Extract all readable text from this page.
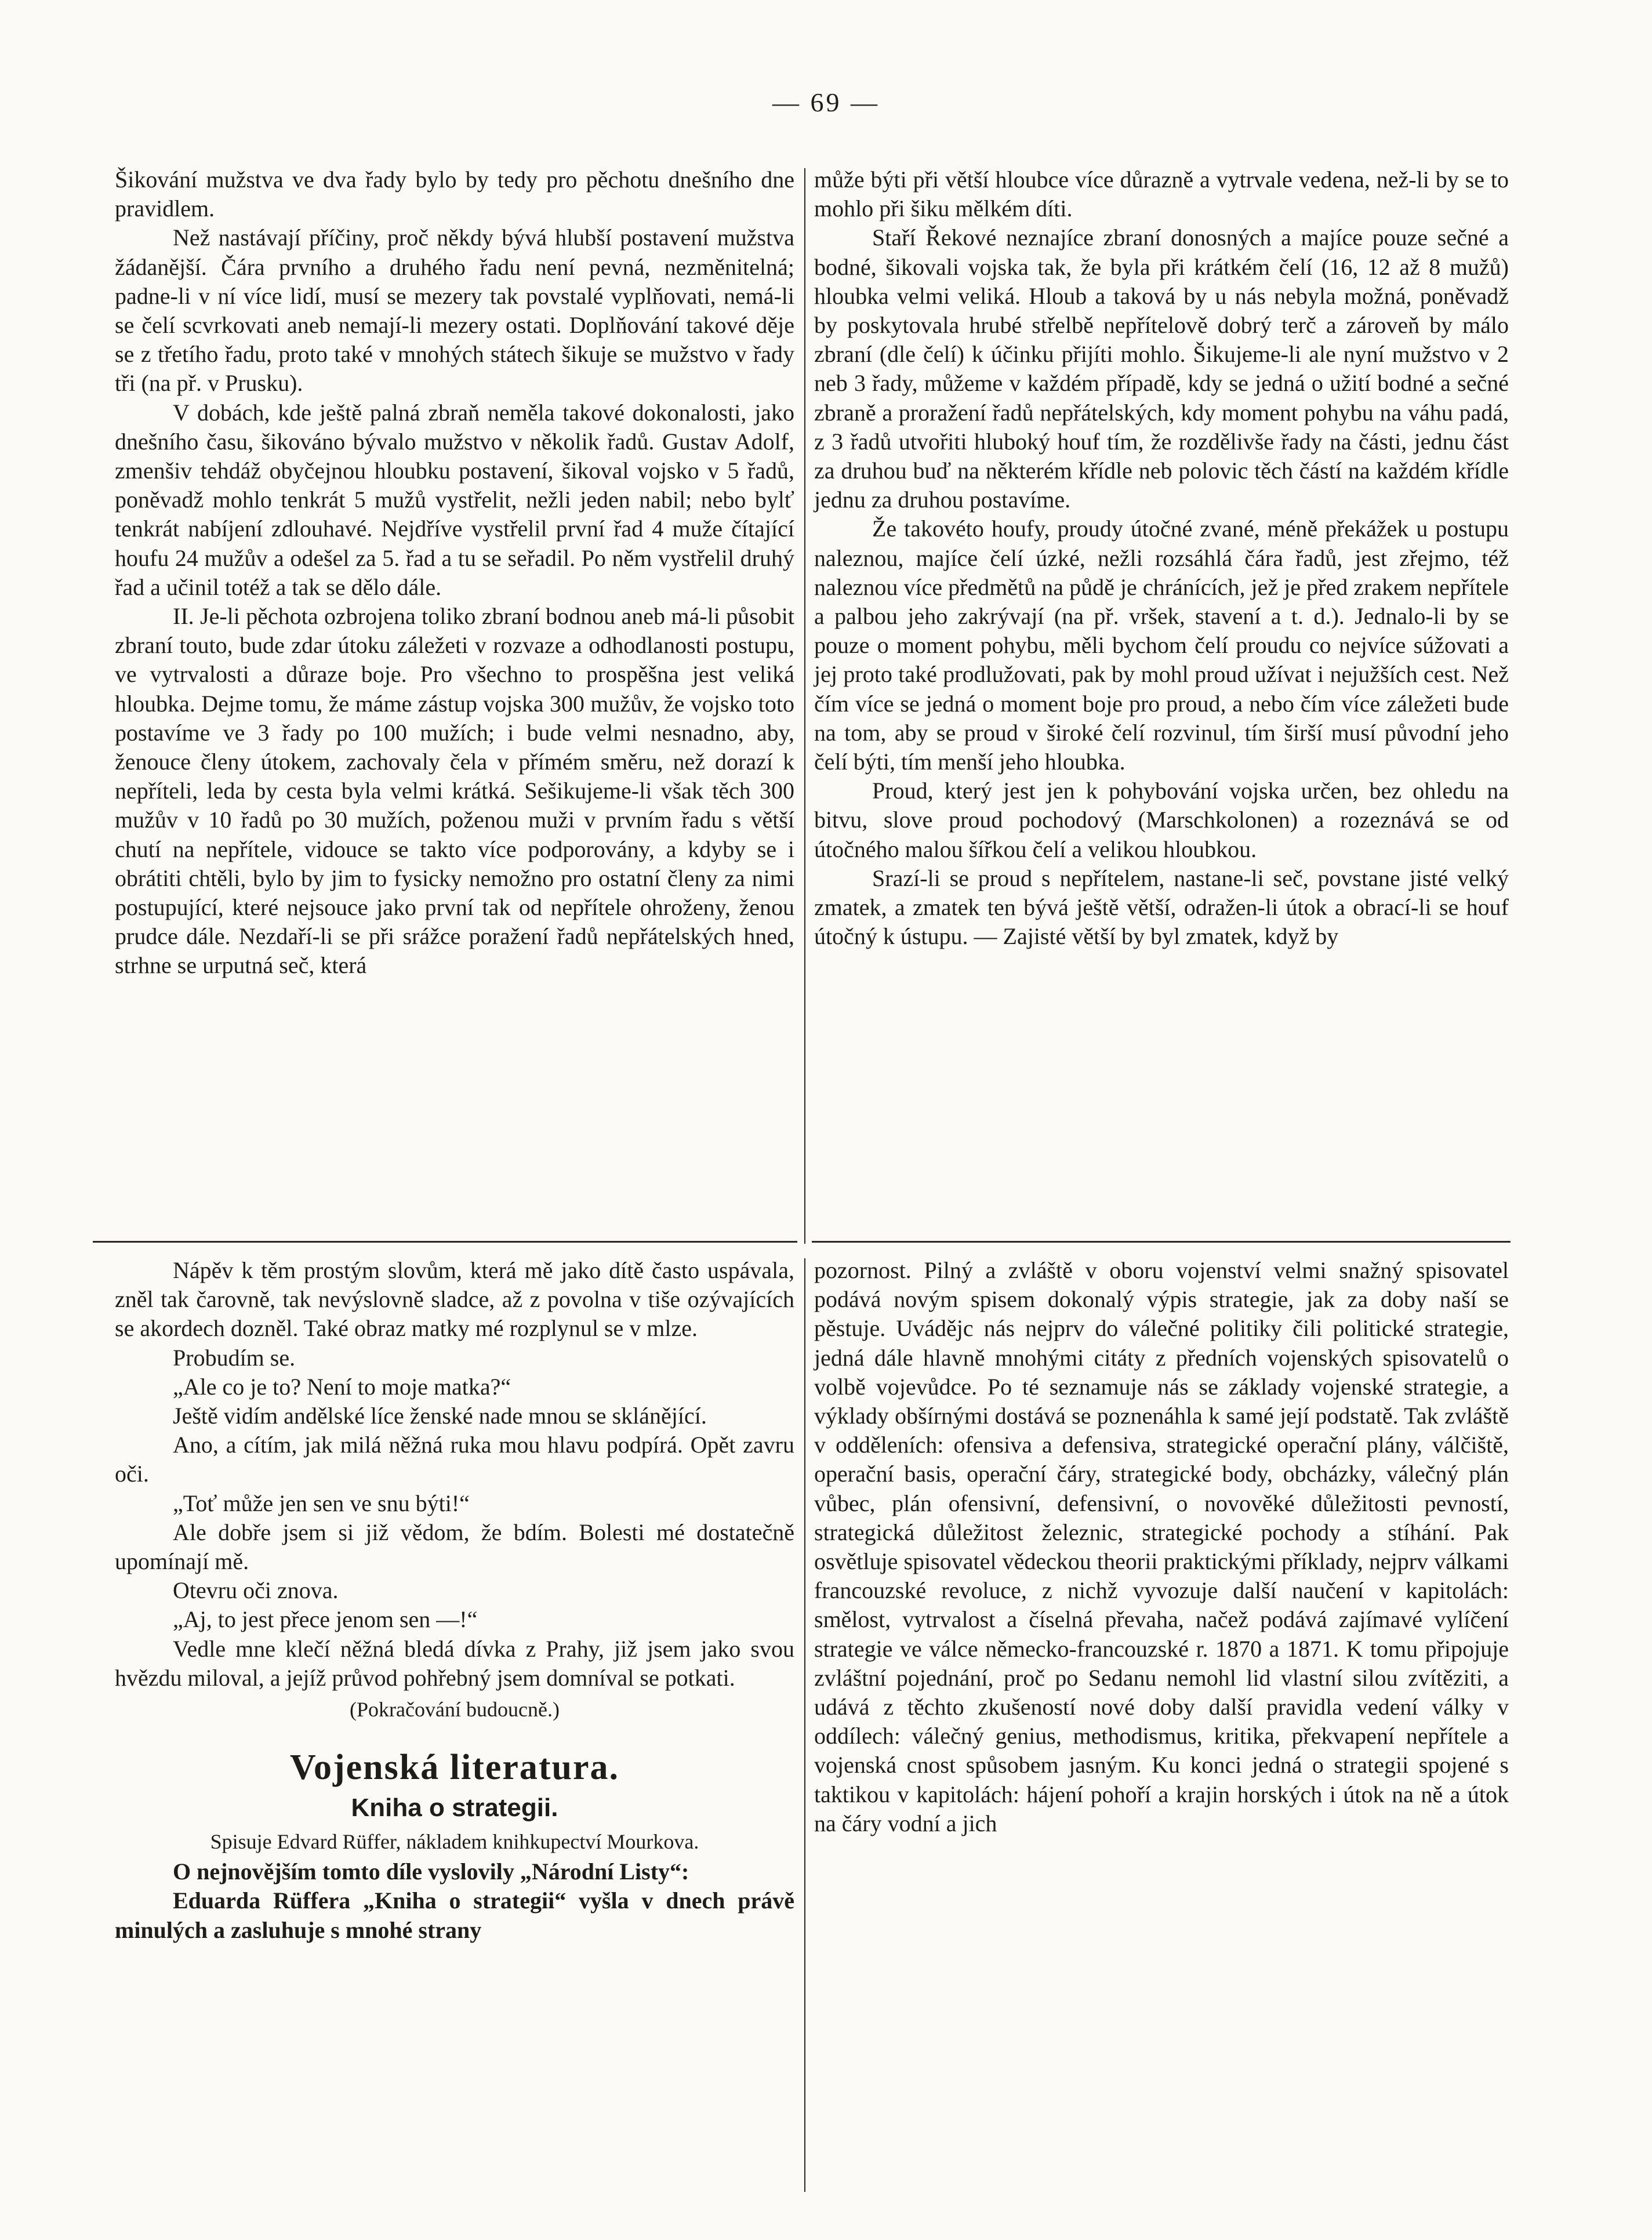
— 69 —

Šikování mužstva ve dva řady bylo by tedy pro pěchotu dnešního dne pravidlem.

Než nastávají příčiny, proč někdy bývá hlubší postavení mužstva žádanější. Čára prvního a druhého řadu není pevná, nezměnitelná; padne-li v ní více lidí, musí se mezery tak povstalé vyplňovati, nemá-li se čelí scvrkovati aneb nemají-li mezery ostati. Doplňování takové děje se z třetího řadu, proto také v mnohých státech šikuje se mužstvo v řady tři (na př. v Prusku).

V dobách, kde ještě palná zbraň neměla takové dokonalosti, jako dnešního času, šikováno bývalo mužstvo v několik řadů. Gustav Adolf, zmenšiv tehdáž obyčejnou hloubku postavení, šikoval vojsko v 5 řadů, poněvadž mohlo tenkrát 5 mužů vystřelit, nežli jeden nabil; nebo bylť tenkrát nabíjení zdlouhavé. Nejdříve vystřelil první řad 4 muže čítající houfu 24 mužův a odešel za 5. řad a tu se seřadil. Po něm vystřelil druhý řad a učinil totéž a tak se dělo dále.

II. Je-li pěchota ozbrojena toliko zbraní bodnou aneb má-li působit zbraní touto, bude zdar útoku záležeti v rozvaze a odhodlanosti postupu, ve vytrvalosti a důraze boje. Pro všechno to prospěšna jest veliká hloubka. Dejme tomu, že máme zástup vojska 300 mužův, že vojsko toto postavíme ve 3 řady po 100 mužích; i bude velmi nesnadno, aby, ženouce členy útokem, zachovaly čela v přímém směru, než dorazí k nepříteli, leda by cesta byla velmi krátká. Sešikujeme-li však těch 300 mužův v 10 řadů po 30 mužích, poženou muži v prvním řadu s větší chutí na nepřítele, vidouce se takto více podporovány, a kdyby se i obrátiti chtěli, bylo by jim to fysicky nemožno pro ostatní členy za nimi postupující, které nejsouce jako první tak od nepřítele ohroženy, ženou prudce dále. Nezdaří-li se při srážce poražení řadů nepřátelských hned, strhne se urputná seč, která

může býti při větší hloubce více důrazně a vytrvale vedena, než-li by se to mohlo při šiku mělkém díti.

Staří Řekové neznajíce zbraní donosných a majíce pouze sečné a bodné, šikovali vojska tak, že byla při krátkém čelí (16, 12 až 8 mužů) hloubka velmi veliká. Hloub a taková by u nás nebyla možná, poněvadž by poskytovala hrubé střelbě nepřítelově dobrý terč a zároveň by málo zbraní (dle čelí) k účinku přijíti mohlo. Šikujeme-li ale nyní mužstvo v 2 neb 3 řady, můžeme v každém případě, kdy se jedná o užití bodné a sečné zbraně a proražení řadů nepřátelských, kdy moment pohybu na váhu padá, z 3 řadů utvořiti hluboký houf tím, že rozdělivše řady na části, jednu část za druhou buď na některém křídle neb polovic těch částí na každém křídle jednu za druhou postavíme.

Že takovéto houfy, proudy útočné zvané, méně překážek u postupu naleznou, majíce čelí úzké, nežli rozsáhlá čára řadů, jest zřejmo, též naleznou více předmětů na půdě je chránících, jež je před zrakem nepřítele a palbou jeho zakrývají (na př. vršek, stavení a t. d.). Jednalo-li by se pouze o moment pohybu, měli bychom čelí proudu co nejvíce súžovati a jej proto také prodlužovati, pak by mohl proud užívat i nejužších cest. Než čím více se jedná o moment boje pro proud, a nebo čím více záležeti bude na tom, aby se proud v široké čelí rozvinul, tím širší musí původní jeho čelí býti, tím menší jeho hloubka.

Proud, který jest jen k pohybování vojska určen, bez ohledu na bitvu, slove proud pochodový (Marschkolonen) a rozeznává se od útočného malou šířkou čelí a velikou hloubkou.

Srazí-li se proud s nepřítelem, nastane-li seč, povstane jisté velký zmatek, a zmatek ten bývá ještě větší, odražen-li útok a obrací-li se houf útočný k ústupu. — Zajisté větší by byl zmatek, když by

Nápěv k těm prostým slovům, která mě jako dítě často uspávala, zněl tak čarovně, tak nevýslovně sladce, až z povolna v tiše ozývajících se akordech dozněl. Také obraz matky mé rozplynul se v mlze.

Probudím se.

„Ale co je to? Není to moje matka?“

Ještě vidím andělské líce ženské nade mnou se sklánějící.

Ano, a cítím, jak milá něžná ruka mou hlavu podpírá. Opět zavru oči.

„Toť může jen sen ve snu býti!“

Ale dobře jsem si již vědom, že bdím. Bolesti mé dostatečně upomínají mě.

Otevru oči znova.

„Aj, to jest přece jenom sen —!“

Vedle mne klečí něžná bledá dívka z Prahy, již jsem jako svou hvězdu miloval, a jejíž průvod pohřebný jsem domníval se potkati.

(Pokračování budoucně.)
Vojenská literatura.
Kniha o strategii.
Spisuje Edvard Rüffer, nákladem knihkupectví Mourkova.

O nejnovějším tomto díle vyslovily „Národní Listy“:

Eduarda Rüffera „Kniha o strategii“ vyšla v dnech právě minulých a zasluhuje s mnohé strany

pozornost. Pilný a zvláště v oboru vojenství velmi snažný spisovatel podává novým spisem dokonalý výpis strategie, jak za doby naší se pěstuje. Uvádějc nás nejprv do válečné politiky čili politické strategie, jedná dále hlavně mnohými citáty z předních vojenských spisovatelů o volbě vojevůdce. Po té seznamuje nás se základy vojenské strategie, a výklady obšírnými dostává se poznenáhla k samé její podstatě. Tak zvláště v odděleních: ofensiva a defensiva, strategické operační plány, válčiště, operační basis, operační čáry, strategické body, obcházky, válečný plán vůbec, plán ofensivní, defensivní, o novověké důležitosti pevností, strategická důležitost železnic, strategické pochody a stíhání. Pak osvětluje spisovatel vědeckou theorii praktickými příklady, nejprv válkami francouzské revoluce, z nichž vyvozuje další naučení v kapitolách: smělost, vytrvalost a číselná převaha, načež podává zajímavé vylíčení strategie ve válce německo-francouzské r. 1870 a 1871. K tomu připojuje zvláštní pojednání, proč po Sedanu nemohl lid vlastní silou zvítěziti, a udává z těchto zkušeností nové doby další pravidla vedení války v oddílech: válečný genius, methodismus, kritika, překvapení nepřítele a vojenská cnost spůsobem jasným. Ku konci jedná o strategii spojené s taktikou v kapitolách: hájení pohoří a krajin horských i útok na ně a útok na čáry vodní a jich
